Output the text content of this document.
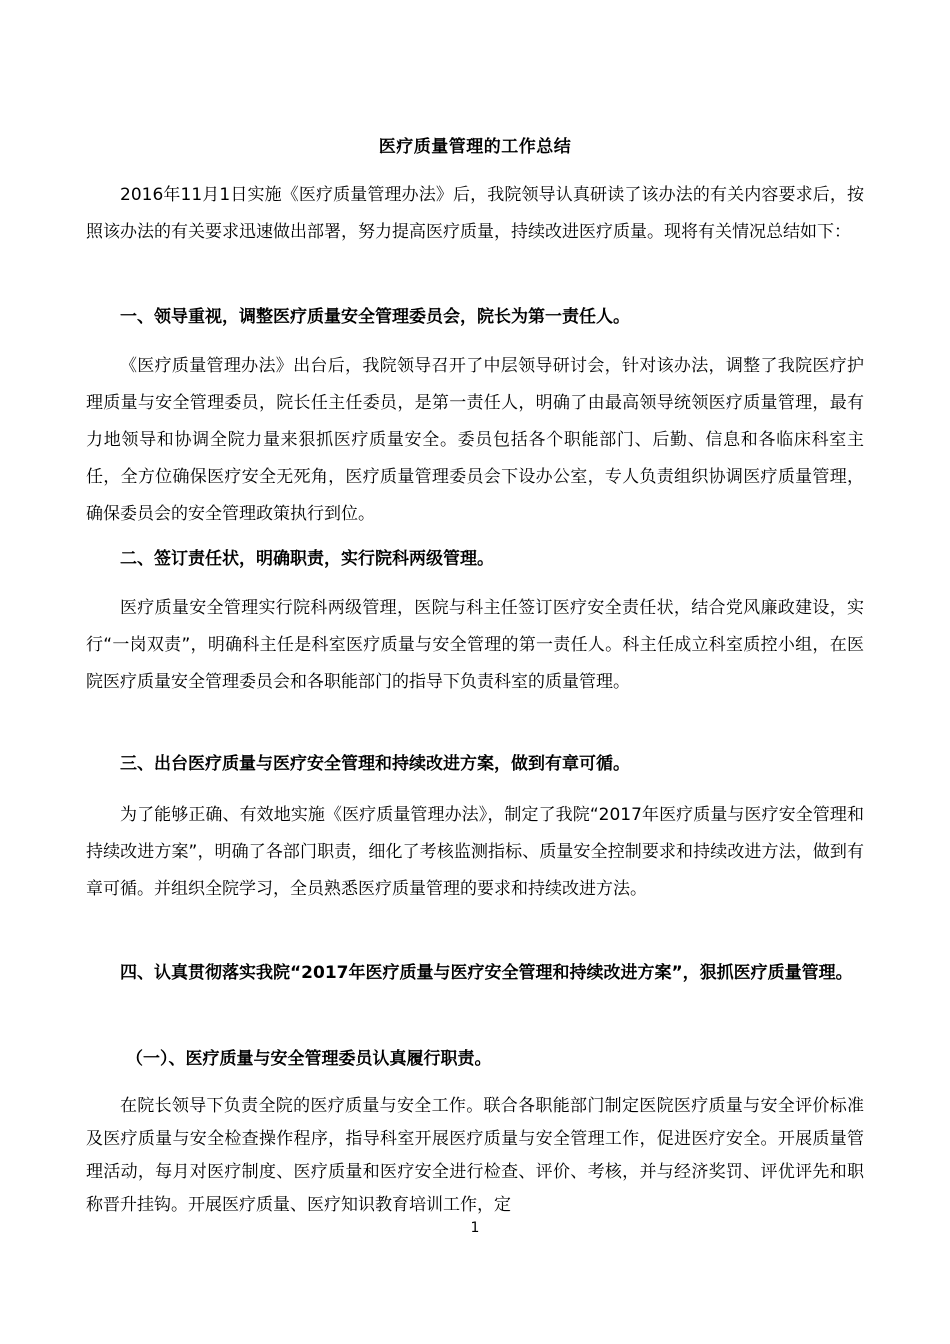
医疗质量管理的工作总结

2016年11月1日实施《医疗质量管理办法》后，我院领导认真研读了该办法的有关内容要求后，按照该办法的有关要求迅速做出部署，努力提高医疗质量，持续改进医疗质量。现将有关情况总结如下：

一、领导重视，调整医疗质量安全管理委员会，院长为第一责任人。

《医疗质量管理办法》出台后，我院领导召开了中层领导研讨会，针对该办法，调整了我院医疗护理质量与安全管理委员，院长任主任委员，是第一责任人，明确了由最高领导统领医疗质量管理，最有力地领导和协调全院力量来狠抓医疗质量安全。委员包括各个职能部门、后勤、信息和各临床科室主任，全方位确保医疗安全无死角，医疗质量管理委员会下设办公室，专人负责组织协调医疗质量管理，确保委员会的安全管理政策执行到位。

二、签订责任状，明确职责，实行院科两级管理。

医疗质量安全管理实行院科两级管理，医院与科主任签订医疗安全责任状，结合党风廉政建设，实行“一岗双责”，明确科主任是科室医疗质量与安全管理的第一责任人。科主任成立科室质控小组，在医院医疗质量安全管理委员会和各职能部门的指导下负责科室的质量管理。

三、出台医疗质量与医疗安全管理和持续改进方案，做到有章可循。

为了能够正确、有效地实施《医疗质量管理办法》，制定了我院“2017年医疗质量与医疗安全管理和持续改进方案”，明确了各部门职责，细化了考核监测指标、质量安全控制要求和持续改进方法，做到有章可循。并组织全院学习，全员熟悉医疗质量管理的要求和持续改进方法。

四、认真贯彻落实我院“2017年医疗质量与医疗安全管理和持续改进方案”，狠抓医疗质量管理。
（一）、医疗质量与安全管理委员认真履行职责。

在院长领导下负责全院的医疗质量与安全工作。联合各职能部门制定医院医疗质量与安全评价标准及医疗质量与安全检查操作程序，指导科室开展医疗质量与安全管理工作，促进医疗安全。开展质量管理活动，每月对医疗制度、医疗质量和医疗安全进行检查、评价、考核，并与经济奖罚、评优评先和职称晋升挂钩。开展医疗质量、医疗知识教育培训工作，定

1
